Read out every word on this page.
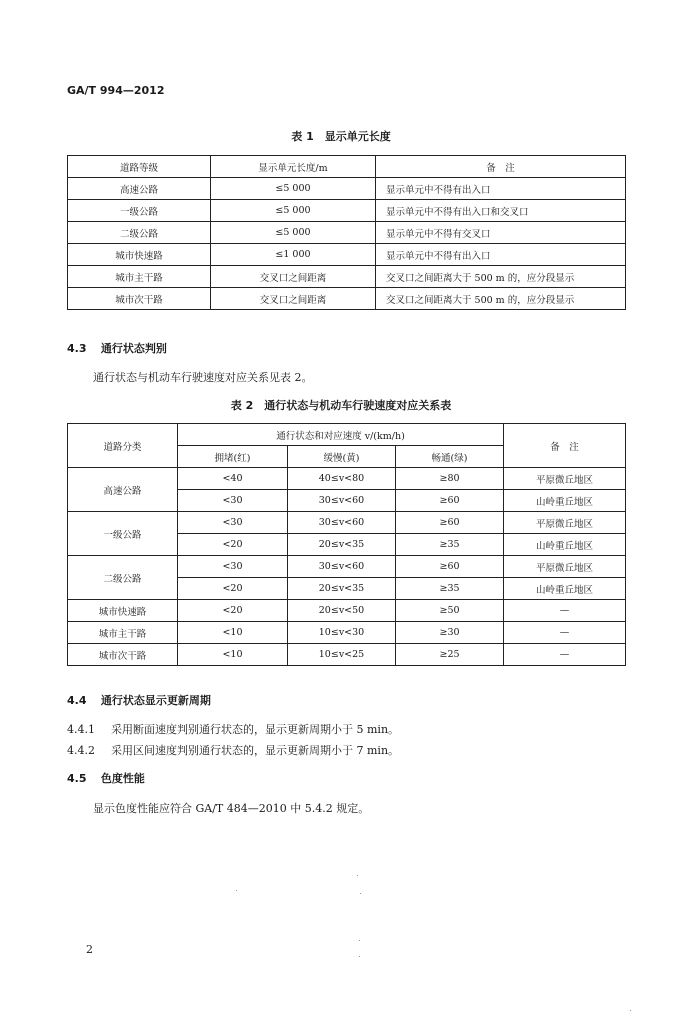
GA/T 994—2012
表 1　显示单元长度
道路等级	显示单元长度/m	备　注
高速公路	≤5 000	显示单元中不得有出入口
一级公路	≤5 000	显示单元中不得有出入口和交叉口
二级公路	≤5 000	显示单元中不得有交叉口
城市快速路	≤1 000	显示单元中不得有出入口
城市主干路	交叉口之间距离	交叉口之间距离大于 500 m 的，应分段显示
城市次干路	交叉口之间距离	交叉口之间距离大于 500 m 的，应分段显示
4.3 通行状态判别
通行状态与机动车行驶速度对应关系见表 2。
表 2　通行状态与机动车行驶速度对应关系表
道路分类	通行状态和对应速度 v/(km/h)			备　注
	拥堵(红)	缓慢(黄)	畅通(绿)	
高速公路	<40	40≤v<80	≥80	平原微丘地区
	<30	30≤v<60	≥60	山岭重丘地区
一级公路	<30	30≤v<60	≥60	平原微丘地区
	<20	20≤v<35	≥35	山岭重丘地区
二级公路	<30	30≤v<60	≥60	平原微丘地区
	<20	20≤v<35	≥35	山岭重丘地区
城市快速路	<20	20≤v<50	≥50	—
城市主干路	<10	10≤v<30	≥30	—
城市次干路	<10	10≤v<25	≥25	—
4.4 通行状态显示更新周期
4.4.1 采用断面速度判别通行状态的，显示更新周期小于 5 min。
4.4.2 采用区间速度判别通行状态的，显示更新周期小于 7 min。
4.5 色度性能
显示色度性能应符合 GA/T 484—2010 中 5.4.2 规定。
2
